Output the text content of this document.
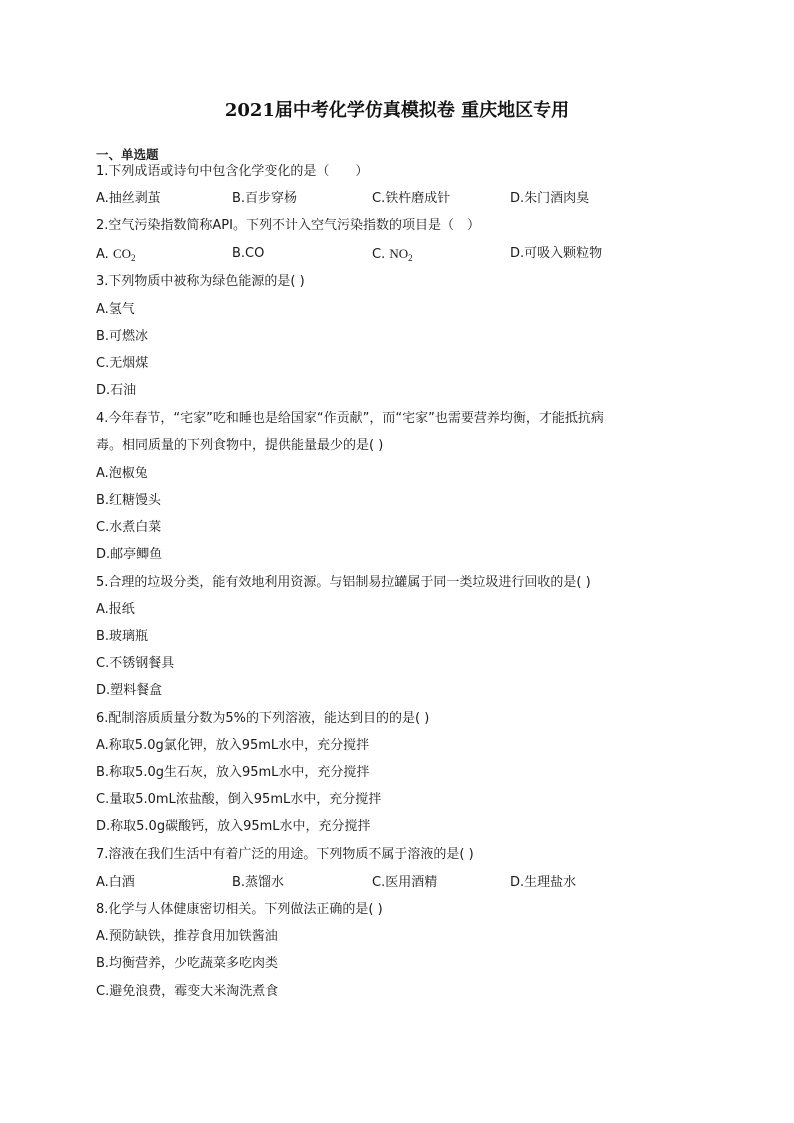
2021届中考化学仿真模拟卷 重庆地区专用
一、单选题
1.下列成语或诗句中包含化学变化的是（　　）
A.抽丝剥茧	B.百步穿杨	C.铁杵磨成针	D.朱门酒肉臭
2.空气污染指数简称API。下列不计入空气污染指数的项目是（　）
A. $CO_2$	B.CO	C. $NO_2$	D.可吸入颗粒物
3.下列物质中被称为绿色能源的是( )
A.氢气
B.可燃冰
C.无烟煤
D.石油
4.今年春节，“宅家”吃和睡也是给国家“作贡献”，而“宅家”也需要营养均衡，才能抵抗病
毒。相同质量的下列食物中，提供能量最少的是( )
A.泡椒兔
B.红糖馒头
C.水煮白菜
D.邮亭鲫鱼
5.合理的垃圾分类，能有效地利用资源。与铝制易拉罐属于同一类垃圾进行回收的是( )
A.报纸
B.玻璃瓶
C.不锈钢餐具
D.塑料餐盒
6.配制溶质质量分数为5%的下列溶液，能达到目的的是( )
A.称取5.0g氯化钾，放入95mL水中，充分搅拌
B.称取5.0g生石灰，放入95mL水中，充分搅拌
C.量取5.0mL浓盐酸，倒入95mL水中，充分搅拌
D.称取5.0g碳酸钙，放入95mL水中，充分搅拌
7.溶液在我们生活中有着广泛的用途。下列物质不属于溶液的是( )
A.白酒	B.蒸馏水	C.医用酒精	D.生理盐水
8.化学与人体健康密切相关。下列做法正确的是( )
A.预防缺铁，推荐食用加铁酱油
B.均衡营养，少吃蔬菜多吃肉类
C.避免浪费，霉变大米淘洗煮食
